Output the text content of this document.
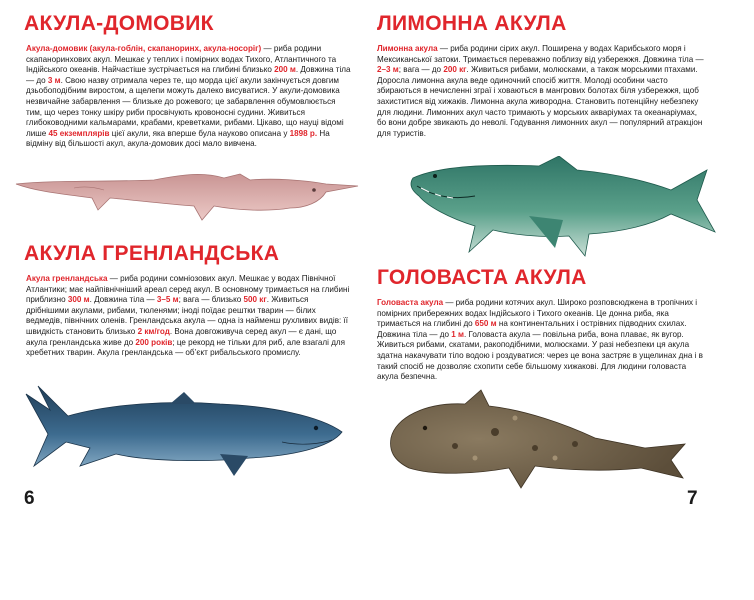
АКУЛА-ДОМОВИК

Акула-домовик (акула-гоблін, скапаноринх, акула-носорiг) — риба родини скапаноринхових акул. Мешкає у теплих і помірних водах Тихого, Атлантичного та Індійського океанів. Найчастіше зустрічається на глибині близько 200 м. Довжина тіла — до 3 м. Свою назву отримала через те, що морда цієї акули закінчується довгим дзьобоподібним виростом, а щелепи можуть далеко висуватися. У акули-домовика незвичайне забарвлення — близьке до рожевого; це забарвлення обумовлюється тим, що через тонку шкіру риби просвічують кровоносні судини. Живиться глибоководними кальмарами, крабами, креветками, рибами. Цікаво, що науці відомі лише 45 екземплярів цієї акули, яка вперше була науково описана у 1898 р. На відміну від більшості акул, акула-домовик досі мало вивчена.

АКУЛА ГРЕНЛАНДСЬКА

Акула гренландська — риба родини сомнiозових акул. Мешкає у водах Північної Атлантики; має найпівнічніший ареал серед акул. В основному тримається на глибині приблизно 300 м. Довжина тіла — 3–5 м; вага — близько 500 кг. Живиться дрібнішими акулами, рибами, тюленями; іноді поїдає рештки тварин — білих ведмедів, північних оленів. Гренландська акула — одна із найменш рухливих видів: її швидкість становить близько 2 км/год. Вона довгоживуча серед акул — є дані, що акула гренландська живе до 200 років; це рекорд не тільки для риб, але взагалі для хребетних тварин. Акула гренландська — об’єкт рибальського промислу.

6
ЛИМОННА АКУЛА

Лимонна акула — риба родини сірих акул. Поширена у водах Карибського моря і Мексиканської затоки. Тримається переважно поблизу від узбережжя. Довжина тіла — 2–3 м; вага — до 200 кг. Живиться рибами, молюсками, а також морськими птахами. Доросла лимонна акула веде одиночний спосіб життя. Молоді особини часто збираються в нечисленні зграї і ховаються в мангрових болотах біля узбережжя, щоб захиститися від хижаків. Лимонна акула живородна. Становить потенційну небезпеку для людини. Лимонних акул часто тримають у морських акваріумах та океанаріумах, бо вони добре звикають до неволі. Годування лимонних акул — популярний атракціон для туристів.

ГОЛОВАСТА АКУЛА

Головаста акула — риба родини котячих акул. Широко розповсюджена в тропічних і помірних прибережних водах Індійського і Тихого океанів. Це донна риба, яка тримається на глибині до 650 м на континентальних і острівних підводних схилах. Довжина тіла — до 1 м. Головаста акула — повільна риба, вона плаває, як вугор. Живиться рибами, скатами, ракоподібними, молюсками. У разі небезпеки ця акула здатна накачувати тіло водою і роздуватися: через це вона застряє в ущелинах дна і в такий спосіб не дозволяє схопити себе більшому хижакові. Для людини головаста акула безпечна.

7
